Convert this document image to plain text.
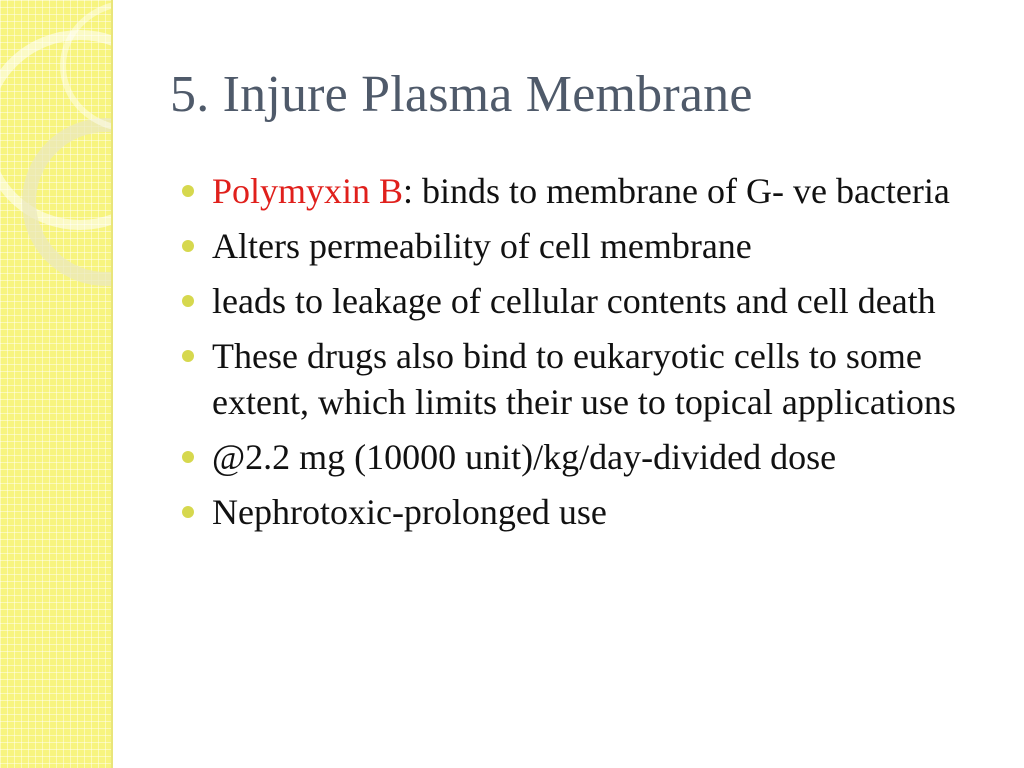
5. Injure Plasma Membrane
Polymyxin B: binds to membrane of G- ve bacteria
Alters permeability of cell membrane
leads to leakage of cellular contents and cell death
These drugs also bind to eukaryotic cells to some extent, which limits their use to topical applications
@2.2 mg (10000 unit)/kg/day-divided dose
Nephrotoxic-prolonged use
